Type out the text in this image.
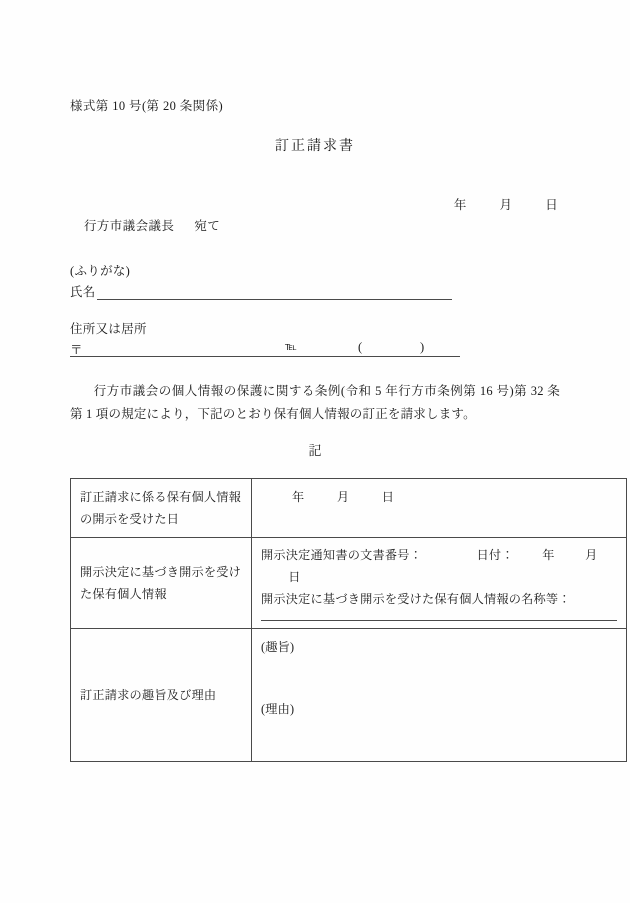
様式第 10 号(第 20 条関係)
訂正請求書
年	月	日
行方市議会議長 宛て
(ふりがな)
氏名
住所又は居所
〒	℡	(	)
行方市議会の個人情報の保護に関する条例(令和 5 年行方市条例第 16 号)第 32 条第 1 項の規定により，下記のとおり保有個人情報の訂正を請求します。
記
訂正請求に係る保有個人情報の開示を受けた日	年 月 日
開示決定に基づき開示を受けた保有個人情報	開示決定通知書の文書番号： 日付： 年 月  日
開示決定に基づき開示を受けた保有個人情報の名称等：

訂正請求の趣旨及び理由	(趣旨)
(理由)
